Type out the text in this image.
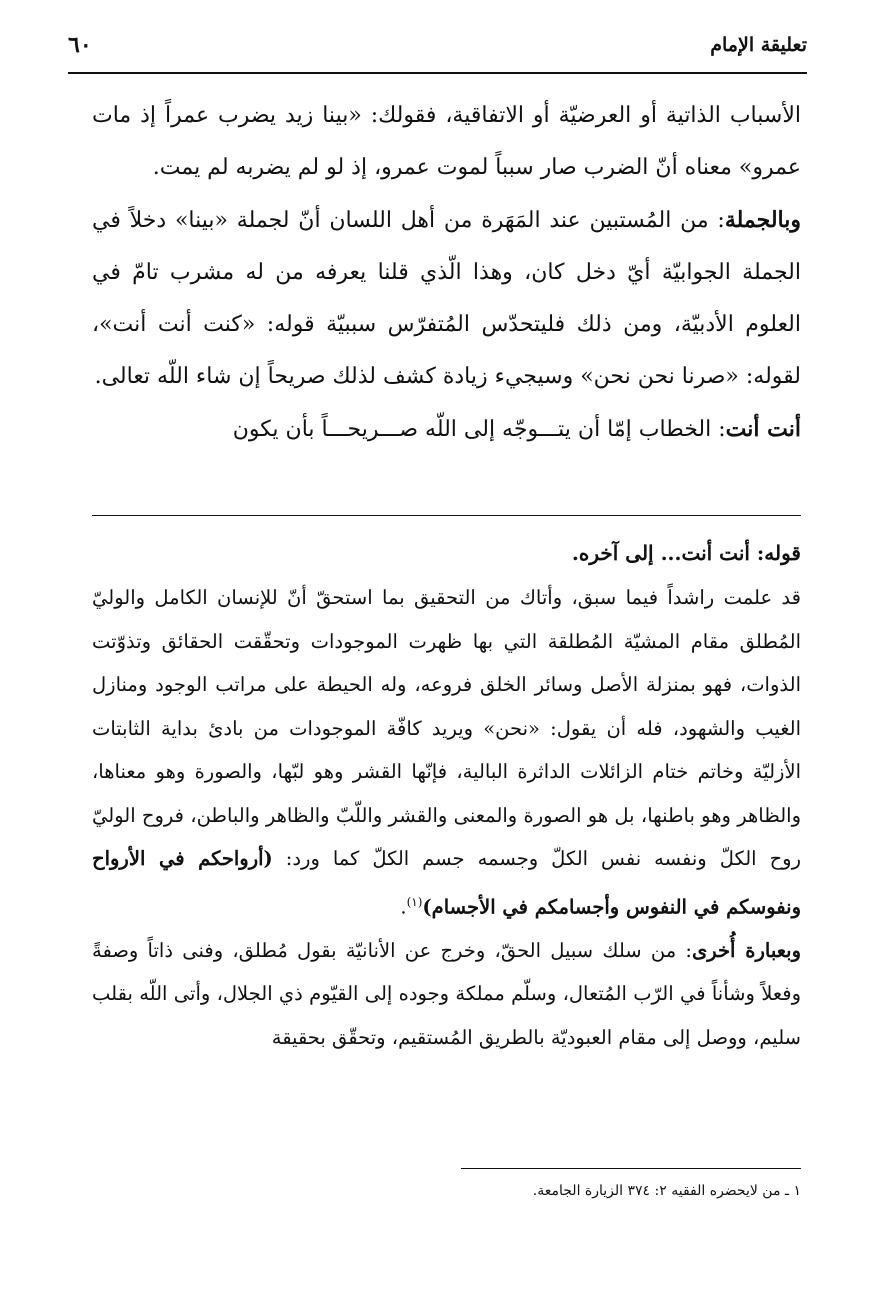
تعليقة الإمام
٦٠

الأسباب الذاتية أو العرضيّة أو الاتفاقية، فقولك: «بينا زيد يضرب عمراً إذ مات عمرو» معناه أنّ الضرب صار سبباً لموت عمرو، إذ لو لم يضربه لم يمت.

وبالجملة: من المُستبين عند المَهَرة من أهل اللسان أنّ لجملة «بينا» دخلاً في الجملة الجوابيّة أيّ دخل كان، وهذا الّذي قلنا يعرفه من له مشرب تامّ في العلوم الأدبيّة، ومن ذلك فليتحدّس المُتفرّس سببيّة قوله: «كنت أنت أنت»، لقوله: «صرنا نحن نحن» وسيجيء زيادة كشف لذلك صريحاً إن شاء اللّه تعالى.

أنت أنت: الخطاب إمّا أن يتـــوجّه إلى اللّه صـــريحـــاً بأن يكون

قوله: أنت أنت... إلى آخره.

قد علمت راشداً فيما سبق، وأتاك من التحقيق بما استحقّ أنّ للإنسان الكامل والوليّ المُطلق مقام المشيّة المُطلقة التي بها ظهرت الموجودات وتحقّقت الحقائق وتذوّتت الذوات، فهو بمنزلة الأصل وسائر الخلق فروعه، وله الحيطة على مراتب الوجود ومنازل الغيب والشهود، فله أن يقول: «نحن» ويريد كافّة الموجودات من بادئ بداية الثابتات الأزليّة وخاتم ختام الزائلات الداثرة البالية، فإنّها القشر وهو لبّها، والصورة وهو معناها، والظاهر وهو باطنها، بل هو الصورة والمعنى والقشر واللّبّ والظاهر والباطن، فروح الوليّ روح الكلّ ونفسه نفس الكلّ وجسمه جسم الكلّ كما ورد: (أرواحكم في الأرواح ونفوسكم في النفوس وأجسامكم في الأجسام)$^{(١)}$.

وبعبارة أُخرى: من سلك سبيل الحقّ، وخرج عن الأنانيّة بقول مُطلق، وفنى ذاتاً وصفةً وفعلاً وشأناً في الرّب المُتعال، وسلّم مملكة وجوده إلى القيّوم ذي الجلال، وأتى اللّه بقلب سليم، ووصل إلى مقام العبوديّة بالطريق المُستقيم، وتحقّق بحقيقة

١ ـ من لايحضره الفقيه ٢: ٣٧٤ الزيارة الجامعة.
